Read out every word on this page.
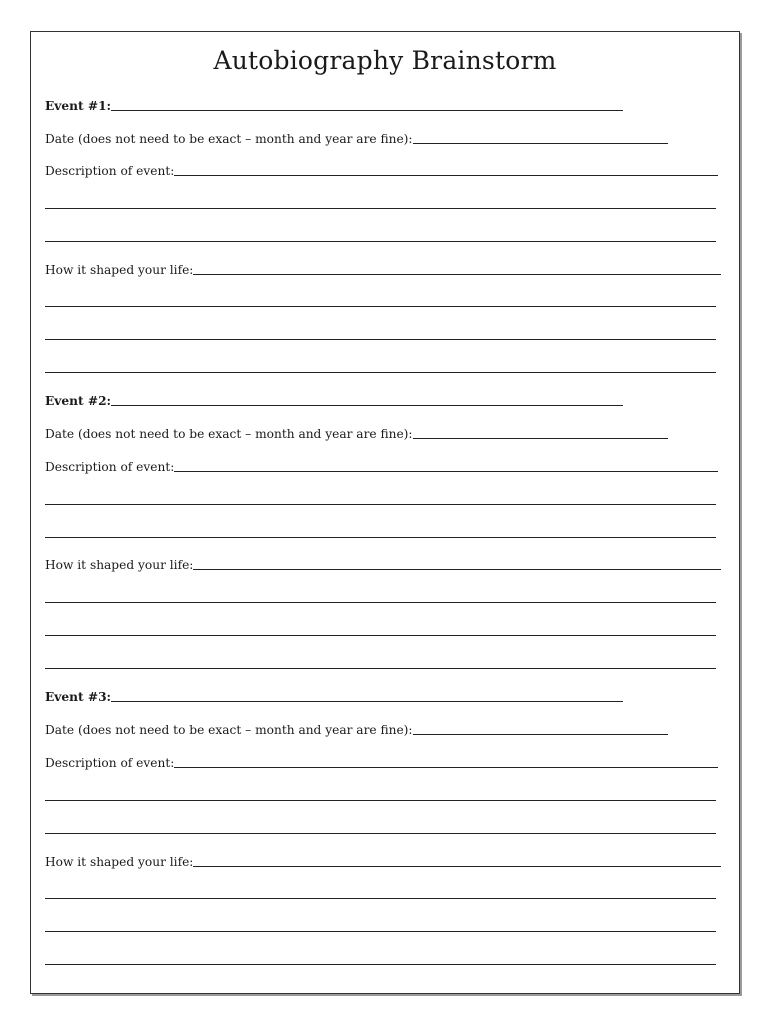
Autobiography Brainstorm
Event #1:
Date (does not need to be exact – month and year are fine):
Description of event:
How it shaped your life:
Event #2:
Date (does not need to be exact – month and year are fine):
Description of event:
How it shaped your life:
Event #3:
Date (does not need to be exact – month and year are fine):
Description of event:
How it shaped your life:
